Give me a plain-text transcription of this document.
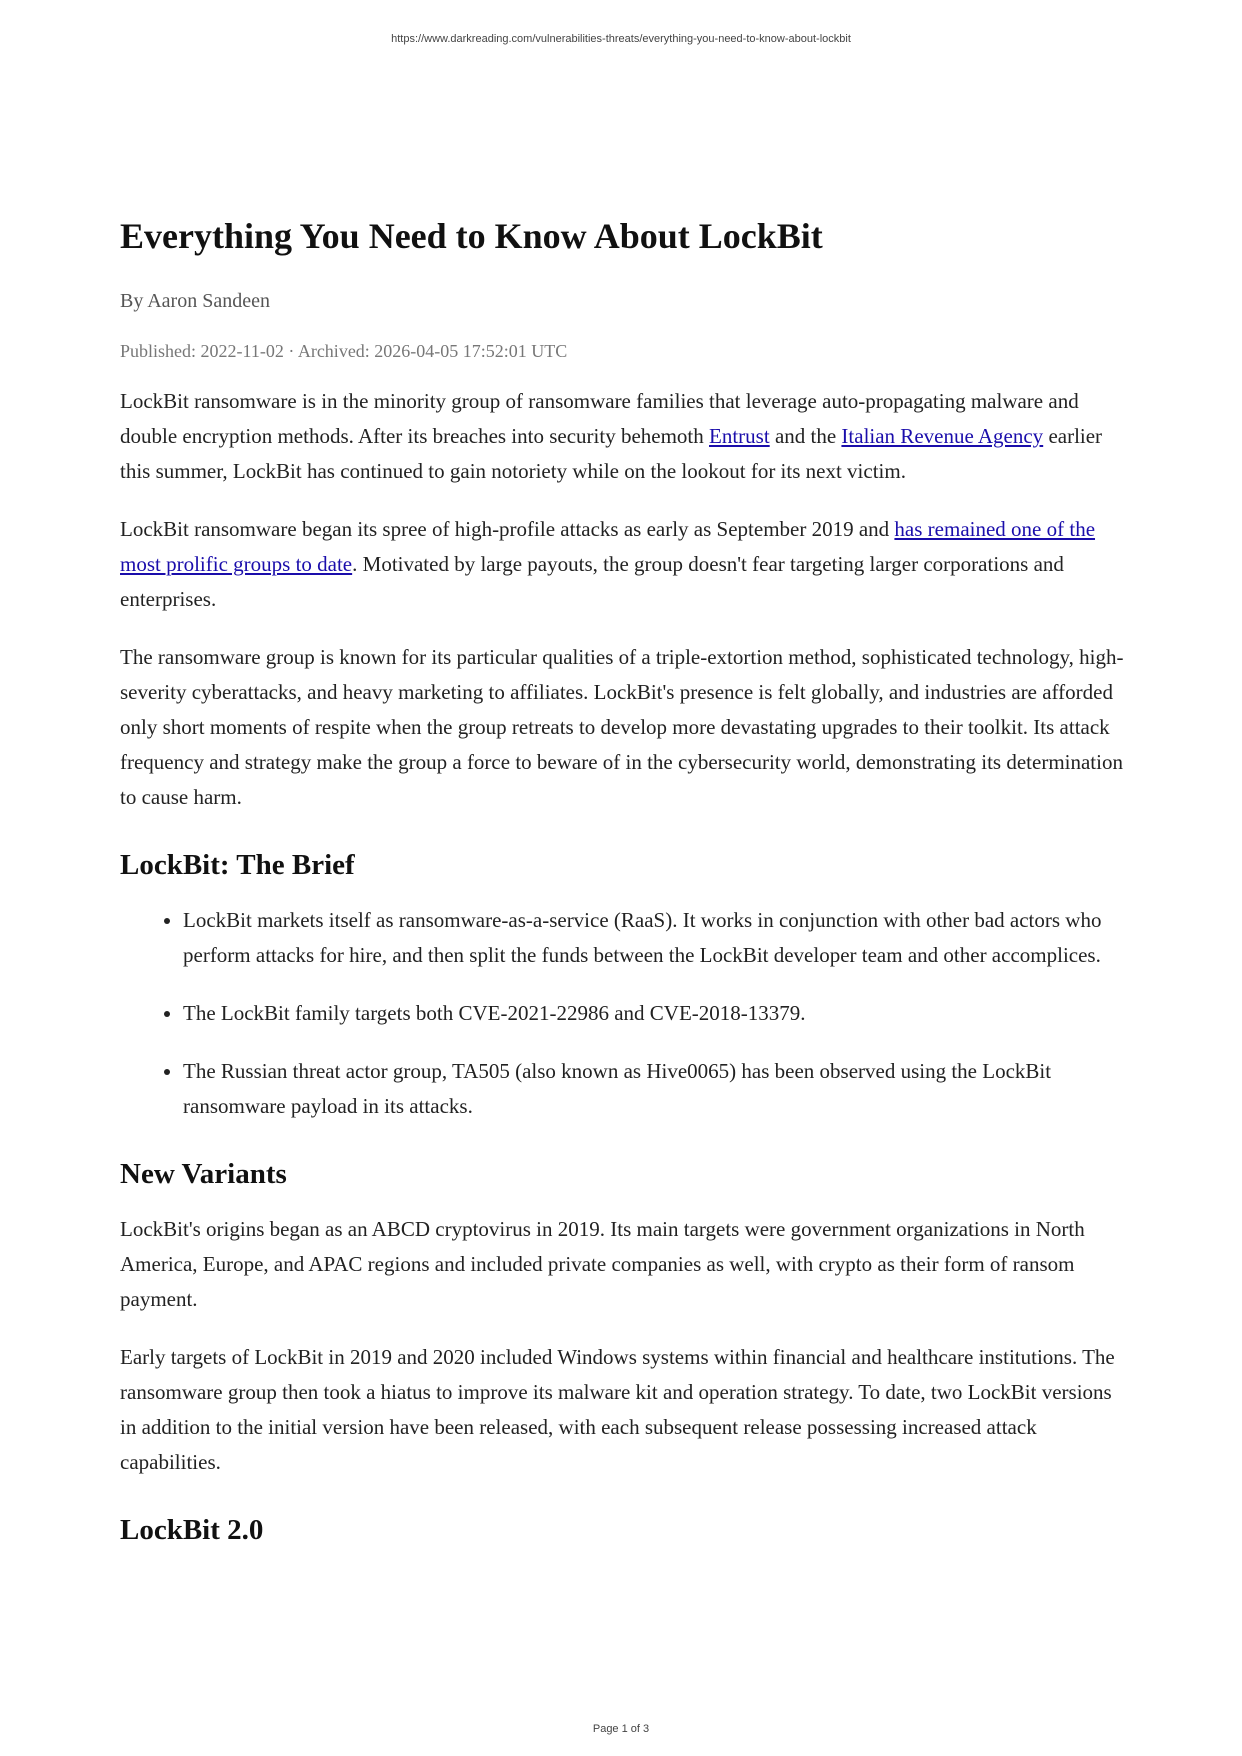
https://www.darkreading.com/vulnerabilities-threats/everything-you-need-to-know-about-lockbit
Everything You Need to Know About LockBit
By Aaron Sandeen
Published: 2022-11-02 · Archived: 2026-04-05 17:52:01 UTC

LockBit ransomware is in the minority group of ransomware families that leverage auto-propagating malware and double encryption methods. After its breaches into security behemoth Entrust and the Italian Revenue Agency earlier this summer, LockBit has continued to gain notoriety while on the lookout for its next victim.

LockBit ransomware began its spree of high-profile attacks as early as September 2019 and has remained one of the most prolific groups to date. Motivated by large payouts, the group doesn't fear targeting larger corporations and enterprises.

The ransomware group is known for its particular qualities of a triple-extortion method, sophisticated technology, high-severity cyberattacks, and heavy marketing to affiliates. LockBit's presence is felt globally, and industries are afforded only short moments of respite when the group retreats to develop more devastating upgrades to their toolkit. Its attack frequency and strategy make the group a force to beware of in the cybersecurity world, demonstrating its determination to cause harm.

LockBit: The Brief
• LockBit markets itself as ransomware-as-a-service (RaaS). It works in conjunction with other bad actors who perform attacks for hire, and then split the funds between the LockBit developer team and other accomplices.
• The LockBit family targets both CVE-2021-22986 and CVE-2018-13379.
• The Russian threat actor group, TA505 (also known as Hive0065) has been observed using the LockBit ransomware payload in its attacks.
New Variants

LockBit's origins began as an ABCD cryptovirus in 2019. Its main targets were government organizations in North America, Europe, and APAC regions and included private companies as well, with crypto as their form of ransom payment.

Early targets of LockBit in 2019 and 2020 included Windows systems within financial and healthcare institutions. The ransomware group then took a hiatus to improve its malware kit and operation strategy. To date, two LockBit versions in addition to the initial version have been released, with each subsequent release possessing increased attack capabilities.

LockBit 2.0
Page 1 of 3
